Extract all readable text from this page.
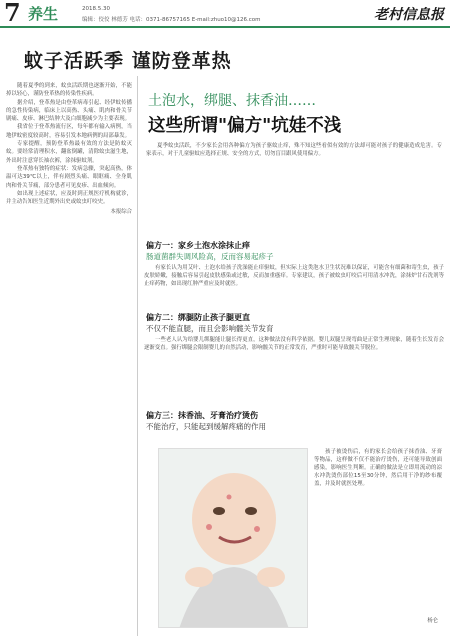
7 养生	2018.5.30
编辑：佼佼 林德芳 电话：0371-86757165 E-mail:zhuo10@126.com	老村信息报
蚊子活跃季 谨防登革热

随着夏季的到来，蚊虫活跃期也逐渐开始，不能掉以轻心，谨防登革热的传染性疾病。

据介绍，登革热是由登革病毒引起、经伊蚊传播的急性传染病，临床上以高热、头痛、肌肉和骨关节剧痛、皮疹、淋巴结肿大及白细胞减少为主要表现。

我省位于登革热流行区，每年都有输入病例，当地伊蚊密度较高时，容易引发本地病例的局部暴发。

专家提醒，预防登革热最有效的方法是防蚊灭蚊。要经常清理积水，翻盆倒罐，清除蚊虫滋生地，外出时注意穿长袖衣裤，涂抹驱蚊剂。

登革热有独特的症状：发病急骤，突起高热，体温可达39℃以上，伴有剧烈头痛、眼眶痛、全身肌肉和骨关节痛，部分患者可见皮疹、出血倾向。

如出现上述症状，应及时到正规医疗机构就诊，并主动告知医生近期外出史或蚊虫叮咬史。

本报综合
土泡水，绑腿、抹香油……
这些所谓"偏方"坑娃不浅
夏季蚊虫活跃，不少家长会用各种偏方为孩子驱蚊止痒，殊不知这些看似有效的方法却可能对孩子的健康造成危害。专家表示，对于儿童驱蚊应选择正规、安全的方式，切勿盲目跟风使用偏方。
偏方一：家乡土泡水涂抹止痒
肠道菌群失调风险高，反而容易起疹子
有家长认为用艾叶、土泡水给孩子洗澡能止痒驱蚊，但实际上这类泡水卫生状况难以保证，可能含有细菌和寄生虫，孩子皮肤娇嫩，接触后容易引起皮肤感染或过敏，反而加重瘙痒。专家建议，孩子被蚊虫叮咬后可用清水冲洗，涂抹炉甘石洗剂等止痒药物，如出现红肿严重应及时就医。
偏方二：绑腿防止孩子腿更直
不仅不能直腿，而且会影响髋关节发育
一些老人认为给婴儿绑腿能让腿长得更直，这种做法没有科学依据。婴儿双腿呈现弯曲是正常生理现象，随着生长发育会逐渐变直。强行绑腿会限制婴儿的自然活动，影响髋关节的正常发育，严重时可能导致髋关节脱位。
偏方三：抹香油、牙膏治疗烫伤
不能治疗，只能起到缓解疼痛的作用
孩子被烫伤后，有的家长会给孩子抹香油、牙膏等物品，这样做不仅不能治疗烫伤，还可能导致创面感染，影响医生判断。正确的做法是立即用流动的凉水冲洗烫伤部位15至30分钟，然后用干净的纱布覆盖，并及时就医处理。
杨仑
